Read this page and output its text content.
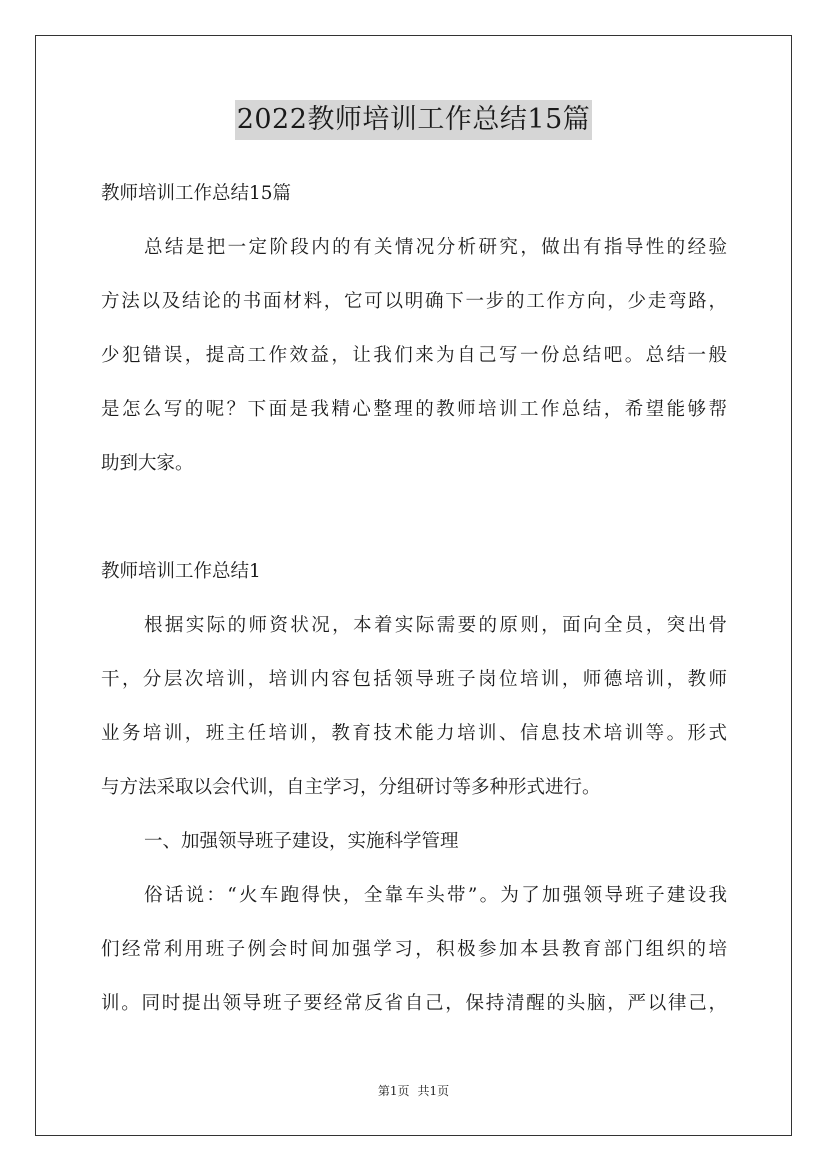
2022教师培训工作总结15篇
教师培训工作总结15篇
总结是把一定阶段内的有关情况分析研究，做出有指导性的经验
方法以及结论的书面材料，它可以明确下一步的工作方向，少走弯路，
少犯错误，提高工作效益，让我们来为自己写一份总结吧。总结一般
是怎么写的呢？下面是我精心整理的教师培训工作总结，希望能够帮
助到大家。
教师培训工作总结1
根据实际的师资状况，本着实际需要的原则，面向全员，突出骨
干，分层次培训，培训内容包括领导班子岗位培训，师德培训，教师
业务培训，班主任培训，教育技术能力培训、信息技术培训等。形式
与方法采取以会代训，自主学习，分组研讨等多种形式进行。
一、加强领导班子建设，实施科学管理
俗话说：“火车跑得快，全靠车头带”。为了加强领导班子建设我
们经常利用班子例会时间加强学习，积极参加本县教育部门组织的培
训。同时提出领导班子要经常反省自己，保持清醒的头脑，严以律己，
第1页 共1页
